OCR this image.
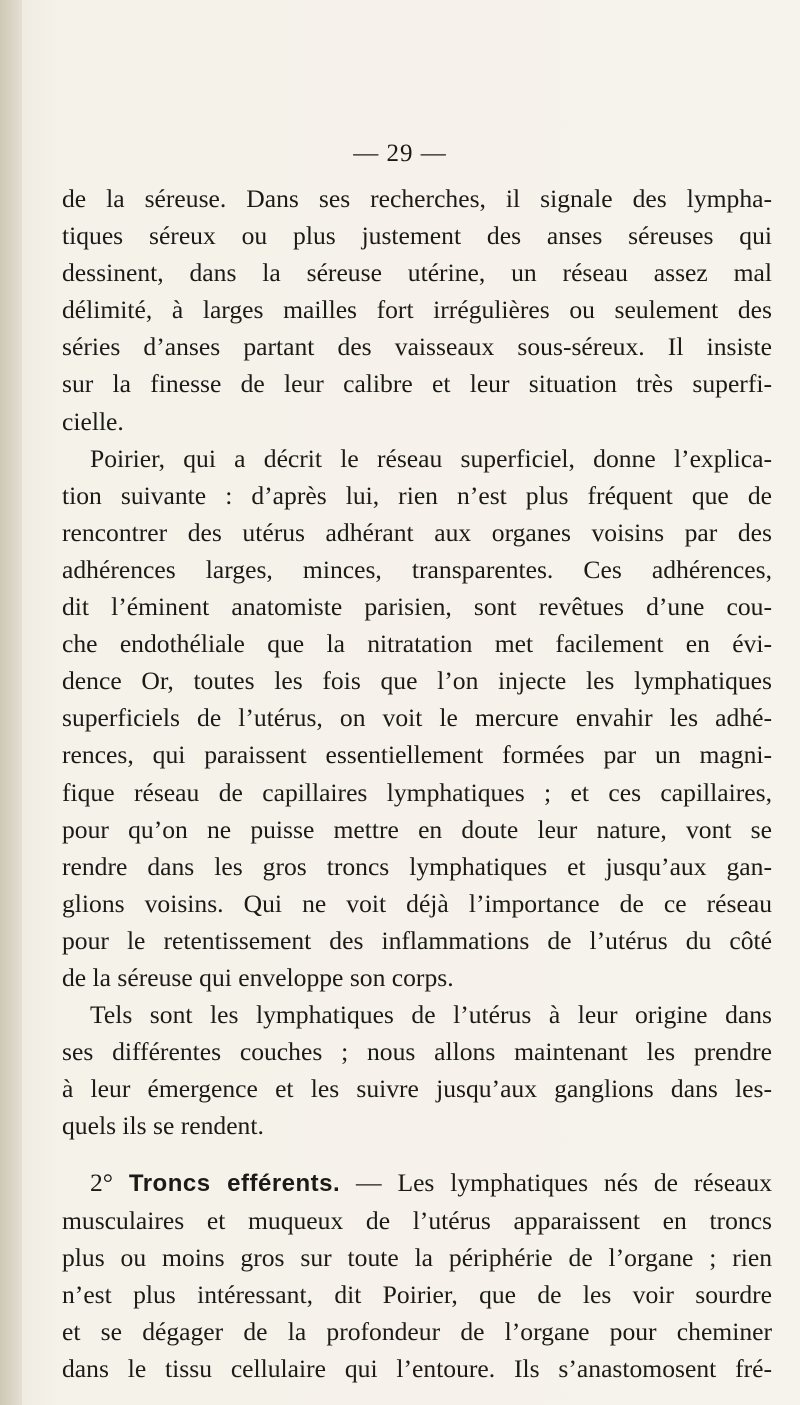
— 29 —

de la séreuse. Dans ses recherches, il signale des lympha-
tiques séreux ou plus justement des anses séreuses qui
dessinent, dans la séreuse utérine, un réseau assez mal
délimité, à larges mailles fort irrégulières ou seulement des
séries d’anses partant des vaisseaux sous-séreux. Il insiste
sur la finesse de leur calibre et leur situation très superfi-
cielle.
Poirier, qui a décrit le réseau superficiel, donne l’explica-
tion suivante : d’après lui, rien n’est plus fréquent que de
rencontrer des utérus adhérant aux organes voisins par des
adhérences larges, minces, transparentes. Ces adhérences,
dit l’éminent anatomiste parisien, sont revêtues d’une cou-
che endothéliale que la nitratation met facilement en évi-
dence Or, toutes les fois que l’on injecte les lymphatiques
superficiels de l’utérus, on voit le mercure envahir les adhé-
rences, qui paraissent essentiellement formées par un magni-
fique réseau de capillaires lymphatiques ; et ces capillaires,
pour qu’on ne puisse mettre en doute leur nature, vont se
rendre dans les gros troncs lymphatiques et jusqu’aux gan-
glions voisins. Qui ne voit déjà l’importance de ce réseau
pour le retentissement des inflammations de l’utérus du côté
de la séreuse qui enveloppe son corps.
Tels sont les lymphatiques de l’utérus à leur origine dans
ses différentes couches ; nous allons maintenant les prendre
à leur émergence et les suivre jusqu’aux ganglions dans les-
quels ils se rendent.
2° Troncs efférents. — Les lymphatiques nés de réseaux
musculaires et muqueux de l’utérus apparaissent en troncs
plus ou moins gros sur toute la périphérie de l’organe ; rien
n’est plus intéressant, dit Poirier, que de les voir sourdre
et se dégager de la profondeur de l’organe pour cheminer
dans le tissu cellulaire qui l’entoure. Ils s’anastomosent fré-
